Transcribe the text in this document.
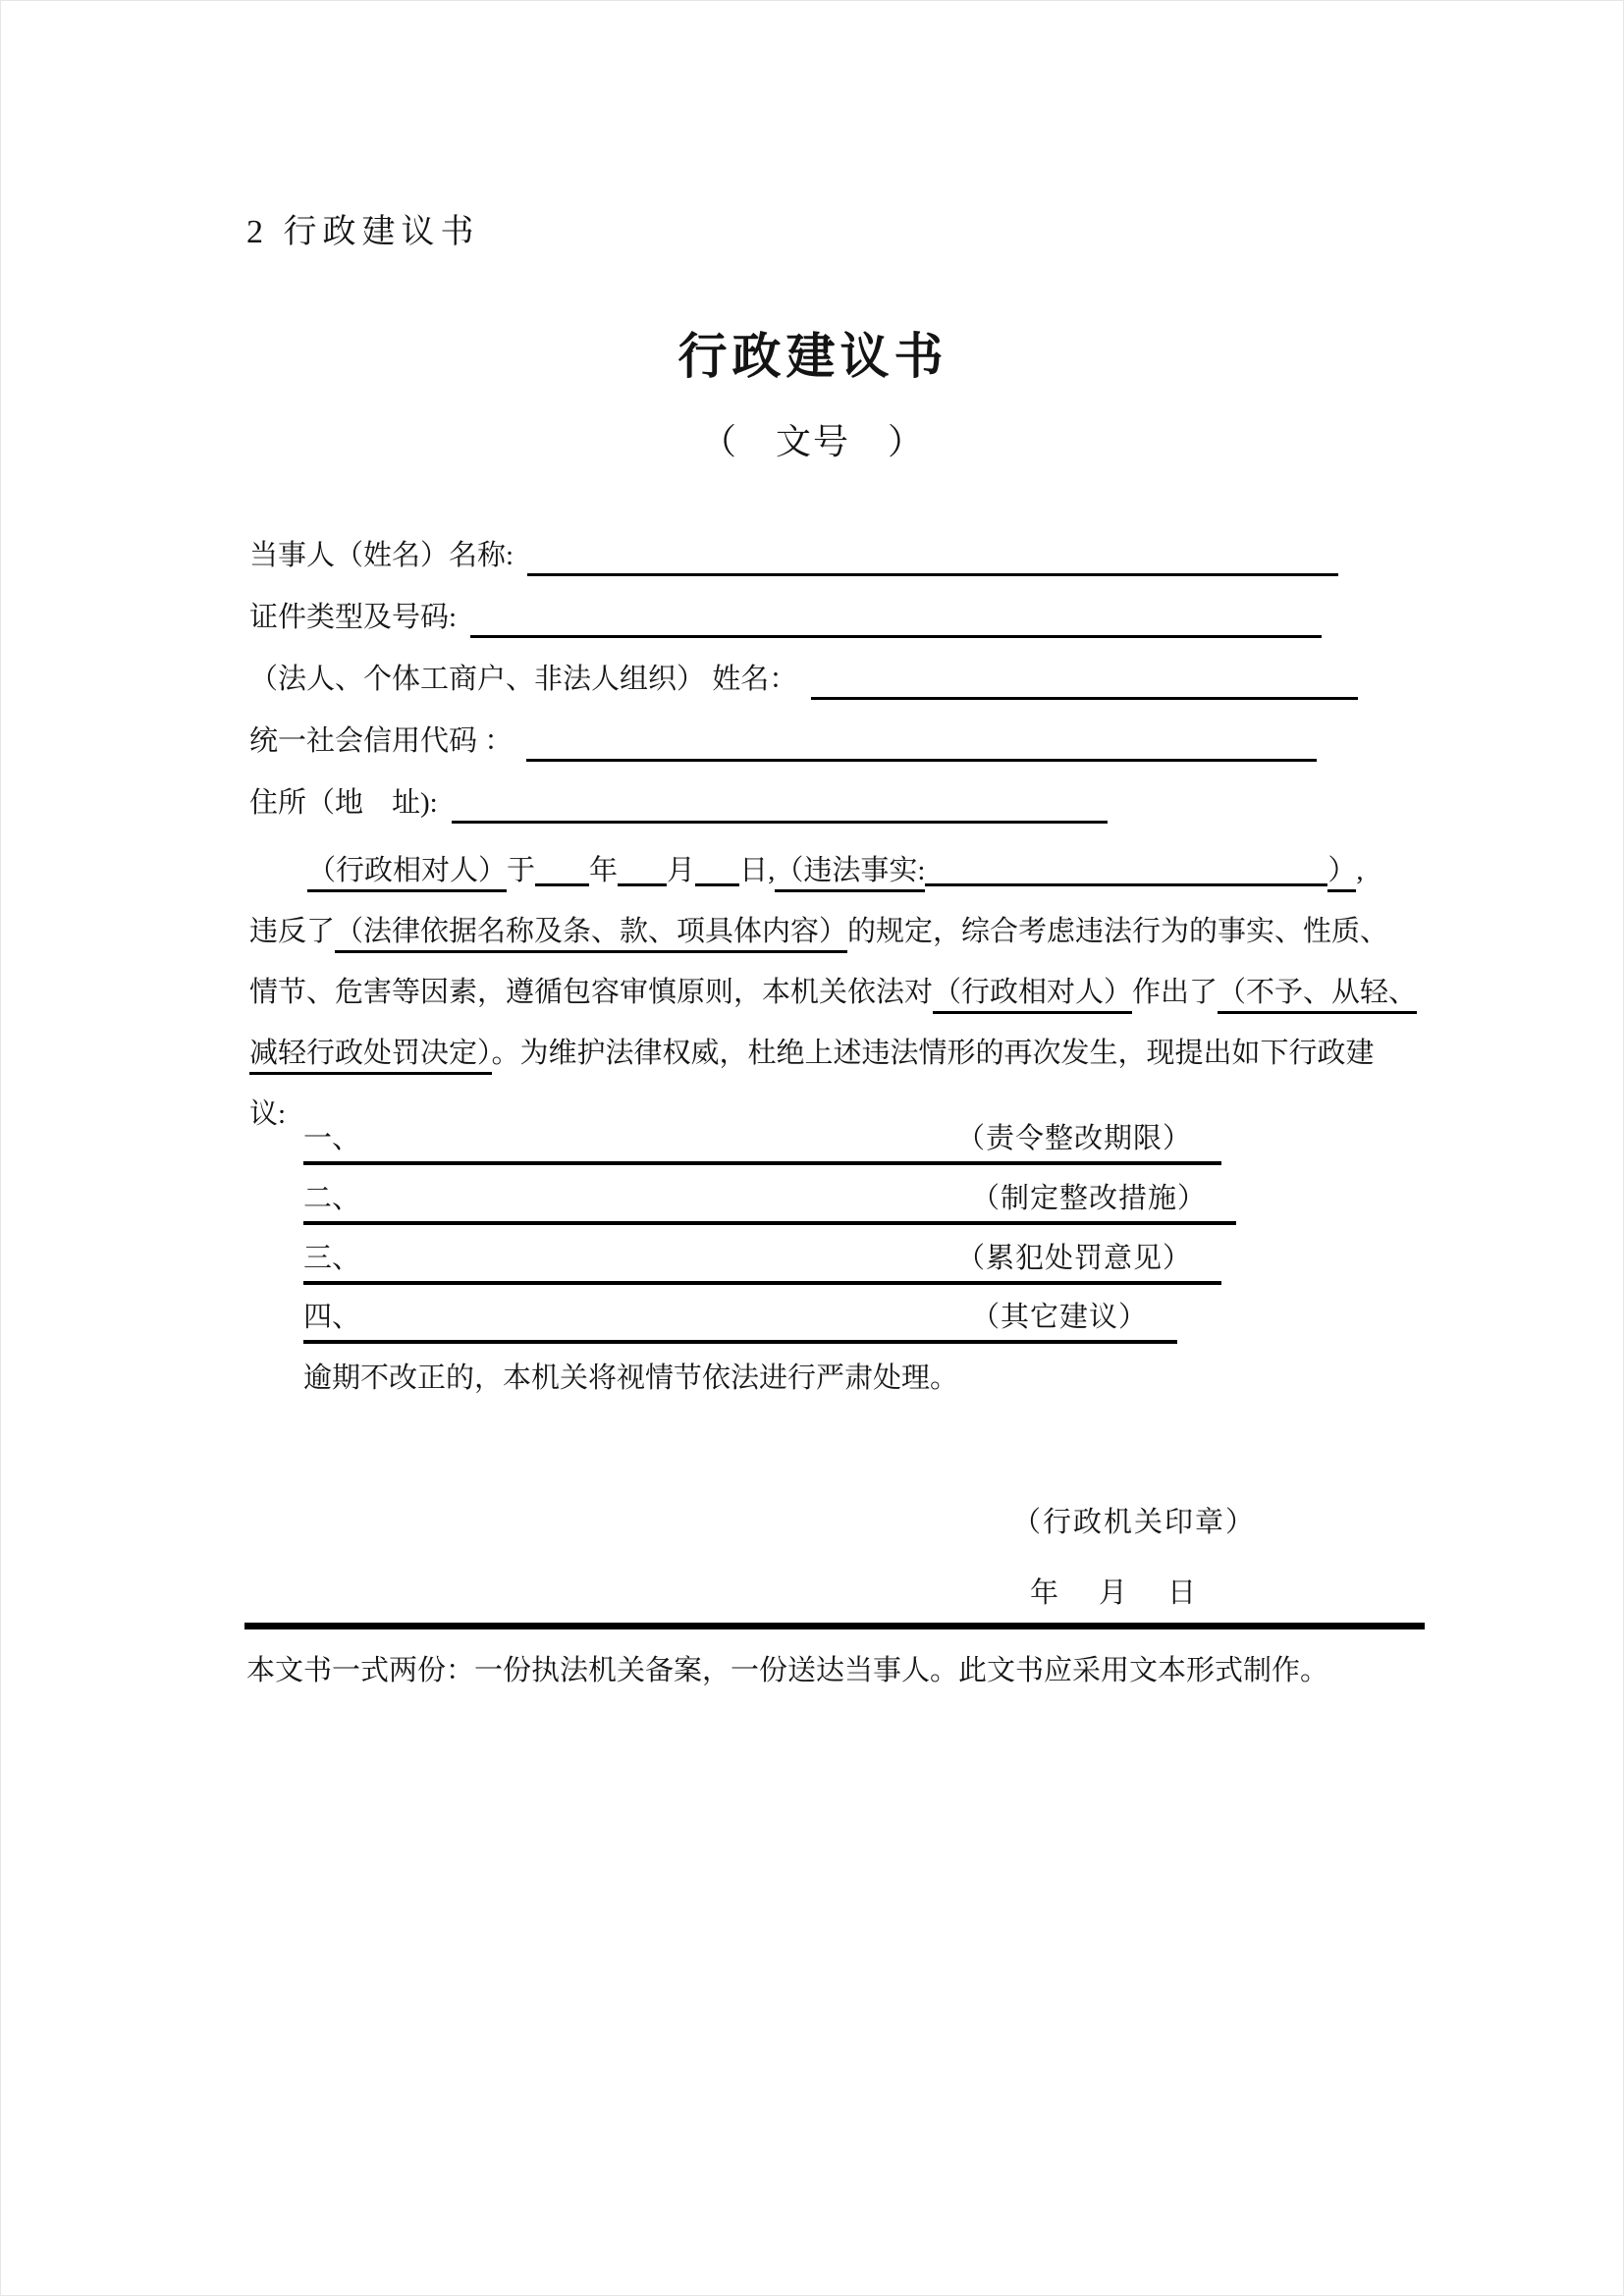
2 行政建议书
行政建议书
（　文号　）
当事人（姓名）名称:
证件类型及号码:
（法人、个体工商户、非法人组织） 姓名：
统一社会信用代码 ：
住所（地　址):
（行政相对人）于 年 月 日,（违法事实:	）,
违反了（法律依据名称及条、款、项具体内容）的规定，综合考虑违法行为的事实、性质、
情节、危害等因素，遵循包容审慎原则，本机关依法对（行政相对人）作出了（不予、从轻、
减轻行政处罚决定）。为维护法律权威，杜绝上述违法情形的再次发生，现提出如下行政建
议:
一、	（责令整改期限）
二、	（制定整改措施）
三、	（累犯处罚意见）
四、	（其它建议）
逾期不改正的，本机关将视情节依法进行严肃处理。
（行政机关印章）
年　月　日
本文书一式两份：一份执法机关备案，一份送达当事人。此文书应采用文本形式制作。
